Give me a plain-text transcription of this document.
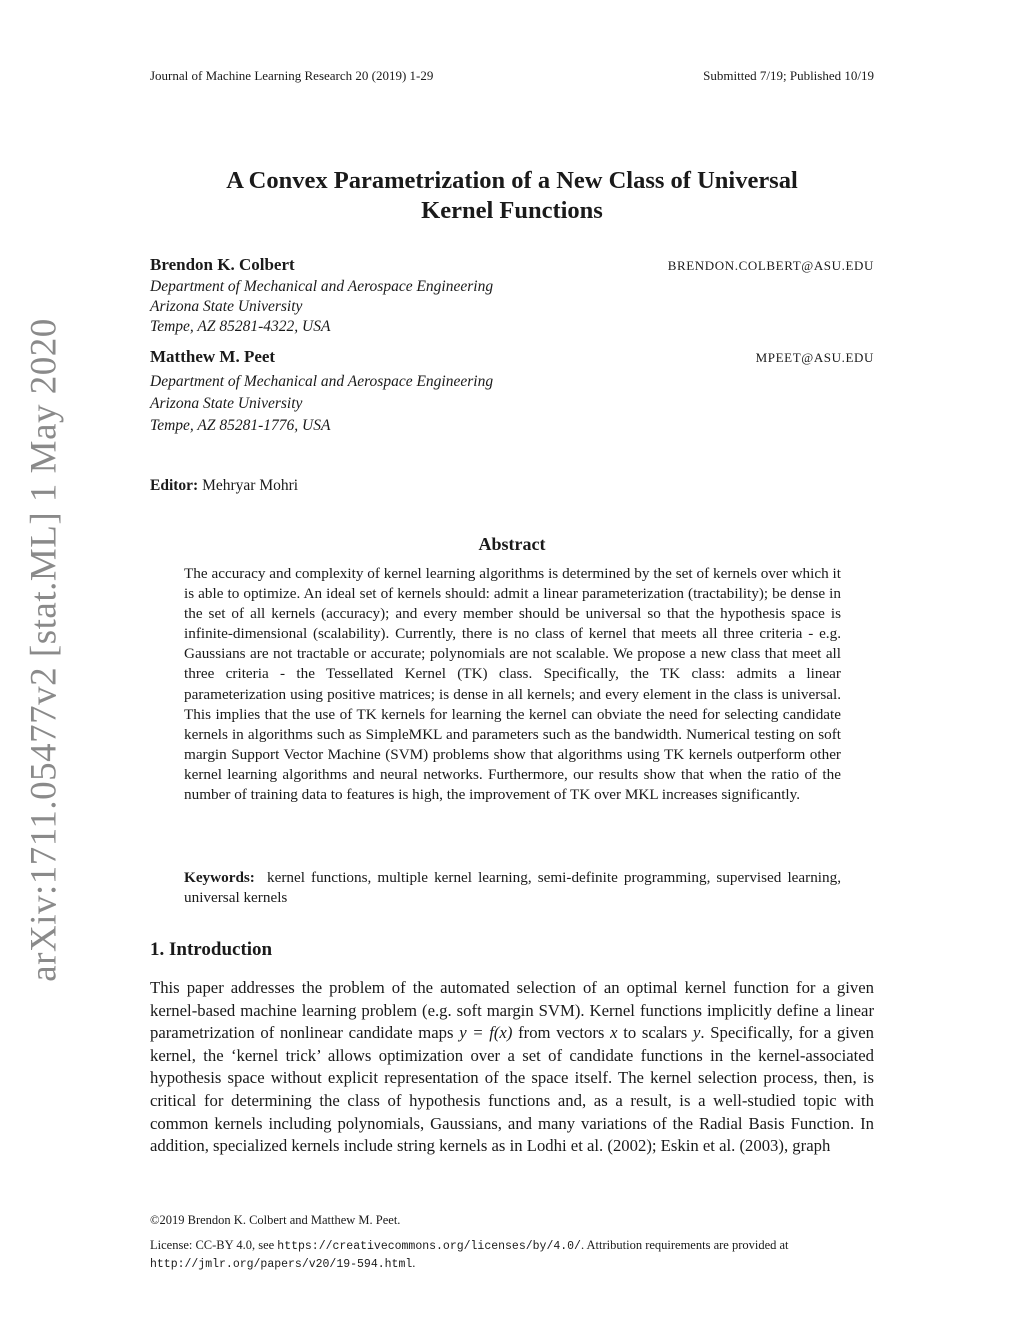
arXiv:1711.05477v2 [stat.ML] 1 May 2020
Journal of Machine Learning Research 20 (2019) 1-29	Submitted 7/19; Published 10/19
A Convex Parametrization of a New Class of Universal
Kernel Functions
Brendon K. Colbert	BRENDON.COLBERT@ASU.EDU
Department of Mechanical and Aerospace Engineering
Arizona State University
Tempe, AZ 85281-4322, USA
Matthew M. Peet	MPEET@ASU.EDU
Department of Mechanical and Aerospace Engineering
Arizona State University
Tempe, AZ 85281-1776, USA
Editor: Mehryar Mohri
Abstract
The accuracy and complexity of kernel learning algorithms is determined by the set of kernels over which it is able to optimize. An ideal set of kernels should: admit a linear parameterization (tractability); be dense in the set of all kernels (accuracy); and every member should be universal so that the hypothesis space is infinite-dimensional (scalability). Currently, there is no class of kernel that meets all three criteria - e.g. Gaussians are not tractable or accurate; polynomials are not scalable. We propose a new class that meet all three criteria - the Tessellated Kernel (TK) class. Specifically, the TK class: admits a linear parameterization using positive matrices; is dense in all kernels; and every element in the class is universal. This implies that the use of TK kernels for learning the kernel can obviate the need for selecting candidate kernels in algorithms such as SimpleMKL and parameters such as the bandwidth. Numerical testing on soft margin Support Vector Machine (SVM) problems show that algorithms using TK kernels outperform other kernel learning algorithms and neural networks. Furthermore, our results show that when the ratio of the number of training data to features is high, the improvement of TK over MKL increases significantly.
Keywords: kernel functions, multiple kernel learning, semi-definite programming, supervised learning, universal kernels
1. Introduction
This paper addresses the problem of the automated selection of an optimal kernel function for a given kernel-based machine learning problem (e.g. soft margin SVM). Kernel functions implicitly define a linear parametrization of nonlinear candidate maps y = f(x) from vectors x to scalars y. Specifically, for a given kernel, the ‘kernel trick’ allows optimization over a set of candidate functions in the kernel-associated hypothesis space without explicit representation of the space itself. The kernel selection process, then, is critical for determining the class of hypothesis functions and, as a result, is a well-studied topic with common kernels including polynomials, Gaussians, and many variations of the Radial Basis Function. In addition, specialized kernels include string kernels as in Lodhi et al. (2002); Eskin et al. (2003), graph
©2019 Brendon K. Colbert and Matthew M. Peet.
License: CC-BY 4.0, see https://creativecommons.org/licenses/by/4.0/. Attribution requirements are provided at http://jmlr.org/papers/v20/19-594.html.
